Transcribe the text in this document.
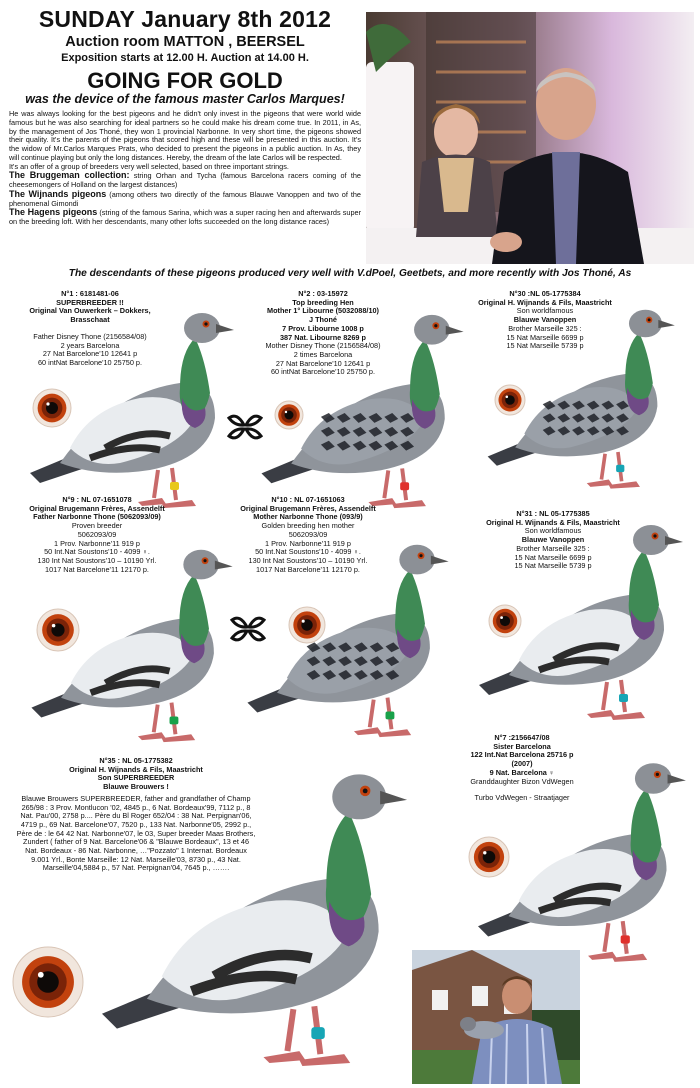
SUNDAY January 8th 2012
Auction room MATTON , BEERSEL
Exposition starts at 12.00 H. Auction at 14.00 H.
GOING FOR GOLD
was the device of the famous master Carlos Marques!

He was always looking for the best pigeons and he didn't only invest in the pigeons that were world wide famous but he was also searching for ideal partners so he could make his dream come true. In 2011, in As, by the management of Jos Thoné, they won 1 provincial Narbonne. In very short time, the pigeons showed their quality. It's the parents of the pigeons that scored high and these will be presented in this auction. It's the widow of Mr.Carlos Marques Prats, who decided to present the pigeons in a public auction. In As, they will continue playing but only the long distances. Hereby, the dream of the late Carlos will be respected.

It's an offer of a group of breeders very well selected, based on three important strings.

The Bruggeman collection: string Orhan and Tycha (famous Barcelona racers coming of the cheesemongers of Holland on the largest distances)

The Wijnands pigeons (among others two directly of the famous Blauwe Vanoppen and two of the phenomenal Gimondi

The Hagens pigeons (string of the famous Sarina, which was a super racing hen and afterwards super on the breeding loft. With her descendants, many other lofts succeeded on the long distance races)

The descendants of these pigeons produced very well with V.dPoel, Geetbets, and more recently with Jos Thoné, As
N°1 : 6181481-06
SUPERBREEDER !!
Original Van Ouwerkerk – Dokkers, Brasschaat
Father Disney Thone (2156584/08)
2 years Barcelona
27 Nat Barcelone'10 12641 p
60 intNat Barcelone'10 25750 p.
N°2 : 03-15972
Top breeding Hen
Mother 1° Libourne (5032088/10)
J Thoné
7 Prov. Libourne 1008 p
387 Nat. Libourne 8269 p
Mother Disney Thone (2156584/08)
2 times Barcelona
27 Nat Barcelone'10 12641 p
60 intNat Barcelone'10 25750 p.
N°30 :NL 05-1775384
Original H. Wijnands & Fils, Maastricht
Son worldfamous
Blauwe Vanoppen
Brother Marseille 325 :
15 Nat Marseille 6699 p
15 Nat Marseille 5739 p
N°9 : NL 07-1651078
Original Brugemann Frères, Assendelft
Father Narbonne Thone (5062093/09)
Proven breeder
5062093/09
1 Prov. Narbonne'11 919 p
50 Int.Nat Soustons'10 - 4099 ♀.
130 Int Nat Soustons'10 – 10190 Yrl.
1017 Nat Barcelone'11 12170 p.
N°10 : NL 07-1651063
Original Brugemann Frères, Assendelft
Mother Narbonne Thone (093/9)
Golden breeding hen mother
5062093/09
1 Prov. Narbonne'11 919 p
50 Int.Nat Soustons'10 - 4099 ♀.
130 Int Nat Soustons'10 – 10190 Yrl.
1017 Nat Barcelone'11 12170 p.
N°31 : NL 05-1775385
Original H. Wijnands & Fils, Maastricht
Son worldfamous
Blauwe Vanoppen
Brother Marseille 325 :
15 Nat Marseille 6699 p
15 Nat Marseille 5739 p
N°35 : NL 05-1775382
Original H. Wijnands & Fils, Maastricht
Son SUPERBREEDER
Blauwe Brouwers !
Blauwe Brouwers SUPERBREEDER, father and grandfather of Champ 265/98 : 3 Prov. Montlucon '02, 4845 p., 6 Nat. Bordeaux'99, 7112 p., 8 Nat. Pau'00, 2758 p.... Père du Bl Roger 652/04 : 38 Nat. Perpignan'06, 4719 p., 69 Nat. Barcelone'07, 7520 p., 133 Nat. Narbonne'05, 2992 p., Père de : le 64 42 Nat. Narbonne'07, le 03, Super breeder Maas Brothers, Zundert ( father of 9 Nat. Barcelone'06 & "Blauwe Bordeaux", 13 et 46 Nat. Bordeaux - 86 Nat. Narbonne, …"Pozzato" 1 Internat. Bordeaux 9.001 Yrl., Bonte Marseille: 12 Nat. Marseille'03, 8730 p., 43 Nat. Marseille'04,5884 p., 57 Nat. Perpignan'04, 7645 p., …….
N°7 :2156647/08
Sister Barcelona
122 Int.Nat Barcelona 25716 p
(2007)
9 Nat. Barcelona ♀
Granddaughter Bizon VdWegen
Turbo VdWegen - Straatjager
